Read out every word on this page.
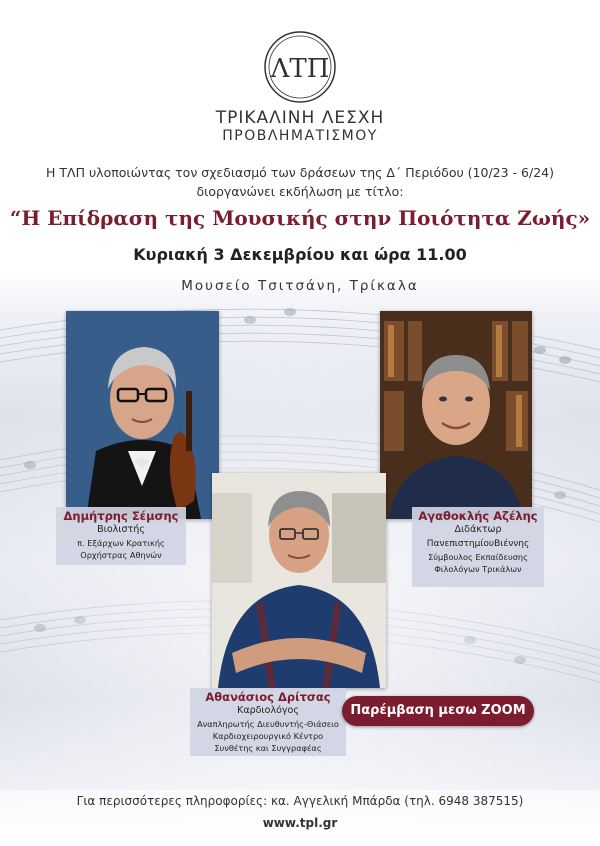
ΛΤΠ
ΤΡΙΚΑΛΙΝΗ ΛΕΣΧΗ
ΠΡΟΒΛΗΜΑΤΙΣΜΟΥ
Η ΤΛΠ υλοποιώντας τον σχεδιασμό των δράσεων της Δ΄ Περιόδου (10/23 - 6/24)
διοργανώνει εκδήλωση με τίτλο:
“Η Επίδραση της Μουσικής στην Ποιότητα Ζωής»
Κυριακή 3 Δεκεμβρίου και ώρα 11.00
Μουσείο Τσιτσάνη, Τρίκαλα
Δημήτρης Σέμσης
Βιολιστής
π. Εξάρχων Κρατικής
Ορχήστρας Αθηνών
Αγαθοκλής Αζέλης
Διδάκτωρ
ΠανεπιστημίουΒιέννης
Σύμβουλος Εκπαίδευσης
Φιλολόγων Τρικάλων
Αθανάσιος Δρίτσας
Καρδιολόγος
Αναπληρωτής Διευθυντής-Θιάσειο
Καρδιοχειρουργικό Κέντρο
Συνθέτης και Συγγραφέας
Παρέμβαση μεσω ZOOM
Για περισσότερες πληροφορίες: κα. Αγγελική Μπάρδα (τηλ. 6948 387515)
www.tpl.gr
